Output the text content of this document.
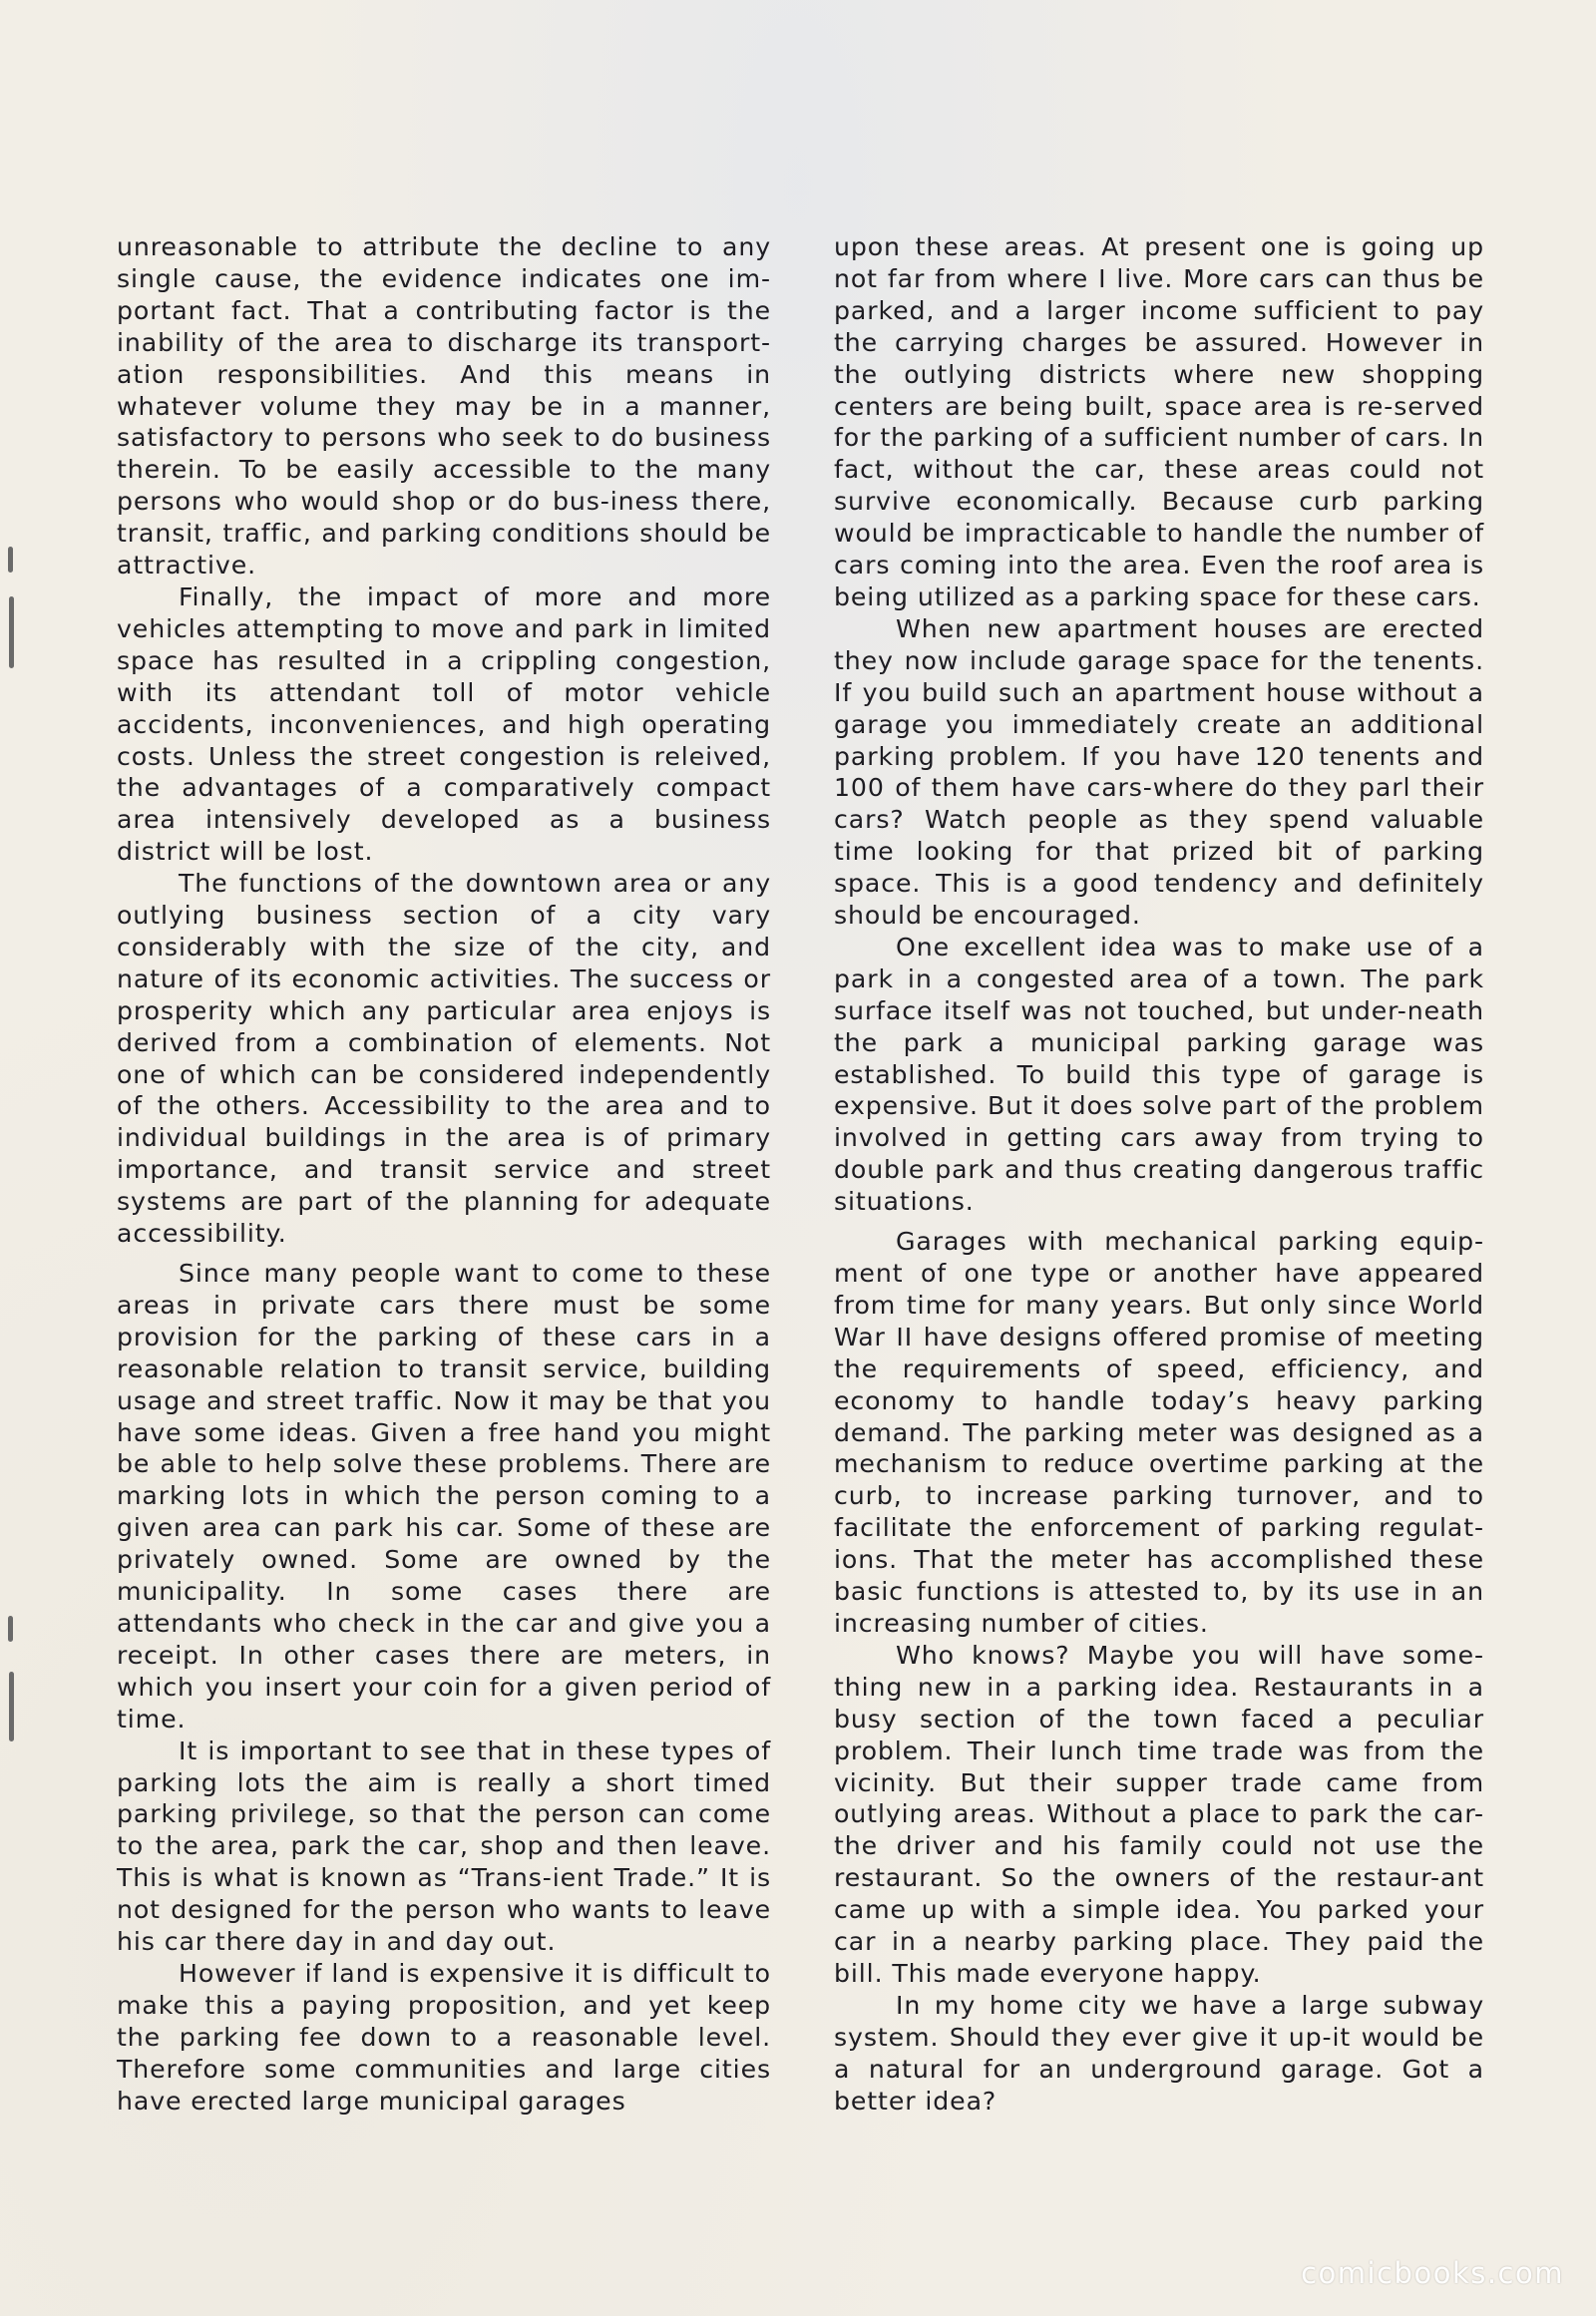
unreasonable to attribute the decline to any single cause, the evidence indicates one im-portant fact. That a contributing factor is the inability of the area to discharge its transport-ation responsibilities. And this means in whatever volume they may be in a manner, satisfactory to persons who seek to do business therein. To be easily accessible to the many persons who would shop or do bus-iness there, transit, traffic, and parking conditions should be attractive.

Finally, the impact of more and more vehicles attempting to move and park in limited space has resulted in a crippling congestion, with its attendant toll of motor vehicle accidents, inconveniences, and high operating costs. Unless the street congestion is releived, the advantages of a comparatively compact area intensively developed as a business district will be lost.

The functions of the downtown area or any outlying business section of a city vary considerably with the size of the city, and nature of its economic activities. The success or prosperity which any particular area enjoys is derived from a combination of elements. Not one of which can be considered independently of the others. Accessibility to the area and to individual buildings in the area is of primary importance, and transit service and street systems are part of the planning for adequate accessibility.

Since many people want to come to these areas in private cars there must be some provision for the parking of these cars in a reasonable relation to transit service, building usage and street traffic. Now it may be that you have some ideas. Given a free hand you might be able to help solve these problems. There are marking lots in which the person coming to a given area can park his car. Some of these are privately owned. Some are owned by the municipality. In some cases there are attendants who check in the car and give you a receipt. In other cases there are meters, in which you insert your coin for a given period of time.

It is important to see that in these types of parking lots the aim is really a short timed parking privilege, so that the person can come to the area, park the car, shop and then leave. This is what is known as “Trans-ient Trade.” It is not designed for the person who wants to leave his car there day in and day out.

However if land is expensive it is difficult to make this a paying proposition, and yet keep the parking fee down to a reasonable level. Therefore some communities and large cities have erected large municipal garages

upon these areas. At present one is going up not far from where I live. More cars can thus be parked, and a larger income sufficient to pay the carrying charges be assured. However in the outlying districts where new shopping centers are being built, space area is re-served for the parking of a sufficient number of cars. In fact, without the car, these areas could not survive economically. Because curb parking would be impracticable to handle the number of cars coming into the area. Even the roof area is being utilized as a parking space for these cars.

When new apartment houses are erected they now include garage space for the tenents. If you build such an apartment house without a garage you immediately create an additional parking problem. If you have 120 tenents and 100 of them have cars-where do they parl their cars? Watch people as they spend valuable time looking for that prized bit of parking space. This is a good tendency and definitely should be encouraged.

One excellent idea was to make use of a park in a congested area of a town. The park surface itself was not touched, but under-neath the park a municipal parking garage was established. To build this type of garage is expensive. But it does solve part of the problem involved in getting cars away from trying to double park and thus creating dangerous traffic situations.

Garages with mechanical parking equip-ment of one type or another have appeared from time for many years. But only since World War II have designs offered promise of meeting the requirements of speed, efficiency, and economy to handle today’s heavy parking demand. The parking meter was designed as a mechanism to reduce overtime parking at the curb, to increase parking turnover, and to facilitate the enforcement of parking regulat-ions. That the meter has accomplished these basic functions is attested to, by its use in an increasing number of cities.

Who knows? Maybe you will have some-thing new in a parking idea. Restaurants in a busy section of the town faced a peculiar problem. Their lunch time trade was from the vicinity. But their supper trade came from outlying areas. Without a place to park the car-the driver and his family could not use the restaurant. So the owners of the restaur-ant came up with a simple idea. You parked your car in a nearby parking place. They paid the bill. This made everyone happy.

In my home city we have a large subway system. Should they ever give it up-it would be a natural for an underground garage. Got a better idea?

comicbooks.com
